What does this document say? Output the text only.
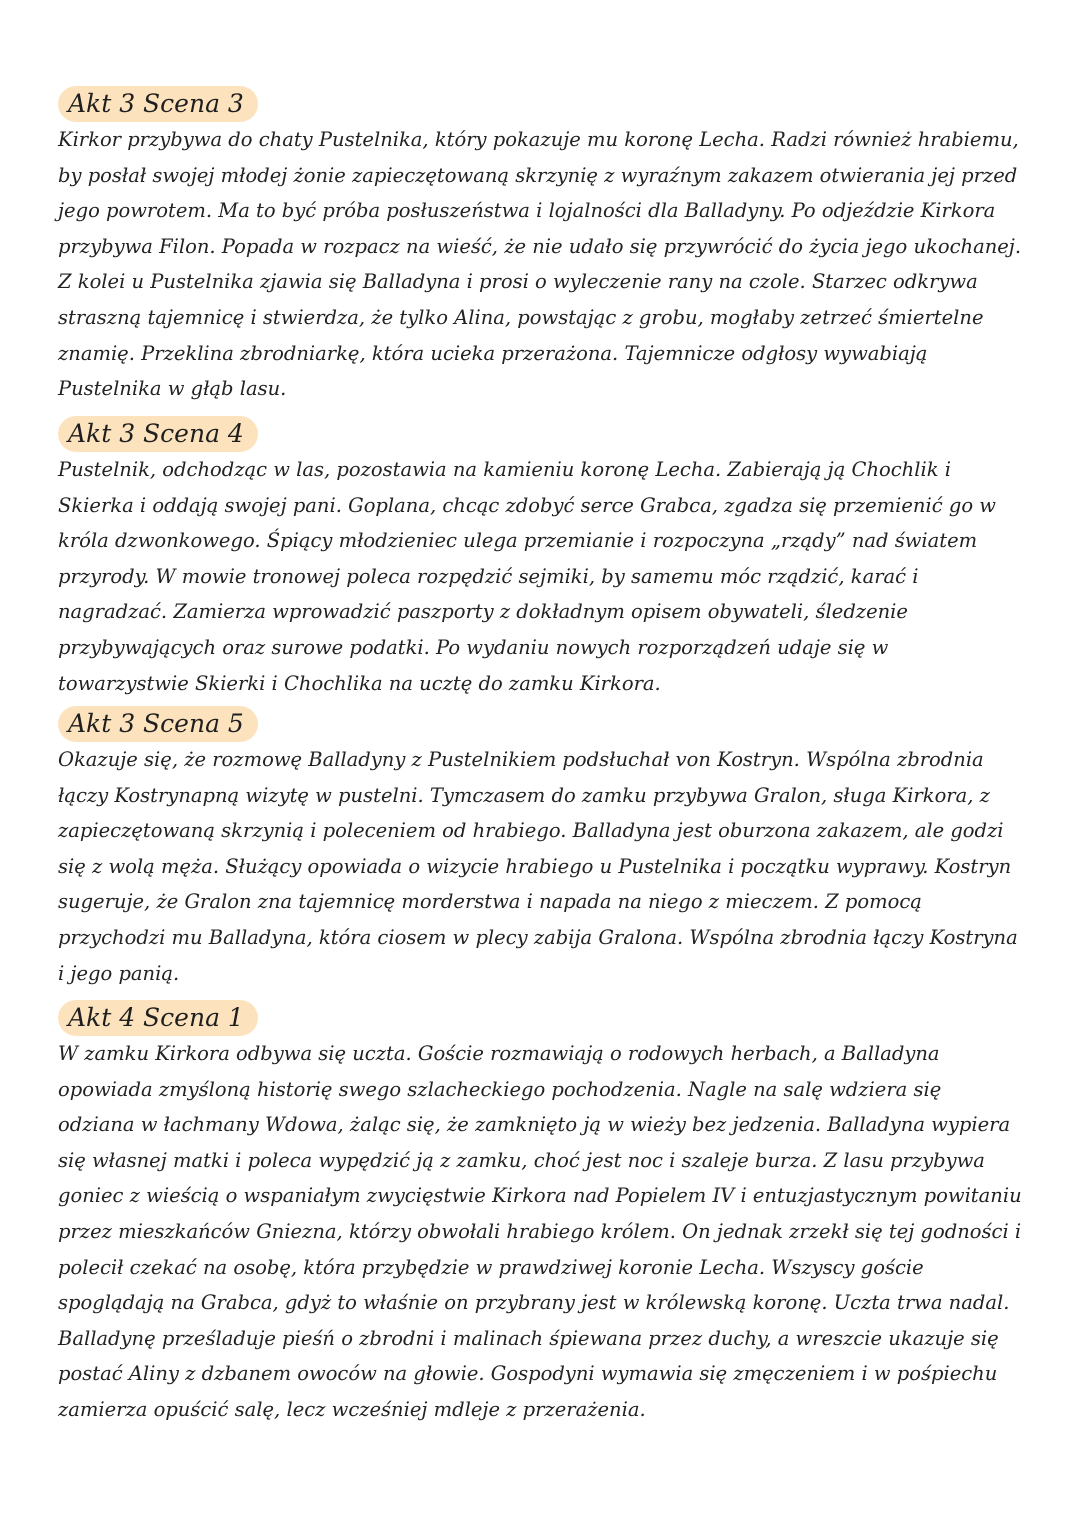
Akt 3 Scena 3

Kirkor przybywa do chaty Pustelnika, który pokazuje mu koronę Lecha. Radzi również hrabiemu, by posłał swojej młodej żonie zapieczętowaną skrzynię z wyraźnym zakazem otwierania jej przed jego powrotem. Ma to być próba posłuszeństwa i lojalności dla Balladyny. Po odjeździe Kirkora przybywa Filon. Popada w rozpacz na wieść, że nie udało się przywrócić do życia jego ukochanej. Z kolei u Pustelnika zjawia się Balladyna i prosi o wyleczenie rany na czole. Starzec odkrywa straszną tajemnicę i stwierdza, że tylko Alina, powstając z grobu, mogłaby zetrzeć śmiertelne znamię. Przeklina zbrodniarkę, która ucieka przerażona. Tajemnicze odgłosy wywabiają Pustelnika w głąb lasu.

Akt 3 Scena 4

Pustelnik, odchodząc w las, pozostawia na kamieniu koronę Lecha. Zabierają ją Chochlik i Skierka i oddają swojej pani. Goplana, chcąc zdobyć serce Grabca, zgadza się przemienić go w króla dzwonkowego. Śpiący młodzieniec ulega przemianie i rozpoczyna „rządy” nad światem przyrody. W mowie tronowej poleca rozpędzić sejmiki, by samemu móc rządzić, karać i nagradzać. Zamierza wprowadzić paszporty z dokładnym opisem obywateli, śledzenie przybywających oraz surowe podatki. Po wydaniu nowych rozporządzeń udaje się w towarzystwie Skierki i Chochlika na ucztę do zamku Kirkora.

Akt 3 Scena 5

Okazuje się, że rozmowę Balladyny z Pustelnikiem podsłuchał von Kostryn. Wspólna zbrodnia łączy Kostrynapną wizytę w pustelni. Tymczasem do zamku przybywa Gralon, sługa Kirkora, z zapieczętowaną skrzynią i poleceniem od hrabiego. Balladyna jest oburzona zakazem, ale godzi się z wolą męża. Służący opowiada o wizycie hrabiego u Pustelnika i początku wyprawy. Kostryn sugeruje, że Gralon zna tajemnicę morderstwa i napada na niego z mieczem. Z pomocą przychodzi mu Balladyna, która ciosem w plecy zabija Gralona. Wspólna zbrodnia łączy Kostryna i jego panią.

Akt 4 Scena 1

W zamku Kirkora odbywa się uczta. Goście rozmawiają o rodowych herbach, a Balladyna opowiada zmyśloną historię swego szlacheckiego pochodzenia. Nagle na salę wdziera się odziana w łachmany Wdowa, żaląc się, że zamknięto ją w wieży bez jedzenia. Balladyna wypiera się własnej matki i poleca wypędzić ją z zamku, choć jest noc i szaleje burza. Z lasu przybywa goniec z wieścią o wspaniałym zwycięstwie Kirkora nad Popielem IV i entuzjastycznym powitaniu przez mieszkańców Gniezna, którzy obwołali hrabiego królem. On jednak zrzekł się tej godności i polecił czekać na osobę, która przybędzie w prawdziwej koronie Lecha. Wszyscy goście spoglądają na Grabca, gdyż to właśnie on przybrany jest w królewską koronę. Uczta trwa nadal. Balladynę prześladuje pieśń o zbrodni i malinach śpiewana przez duchy, a wreszcie ukazuje się postać Aliny z dzbanem owoców na głowie. Gospodyni wymawia się zmęczeniem i w pośpiechu zamierza opuścić salę, lecz wcześniej mdleje z przerażenia.
